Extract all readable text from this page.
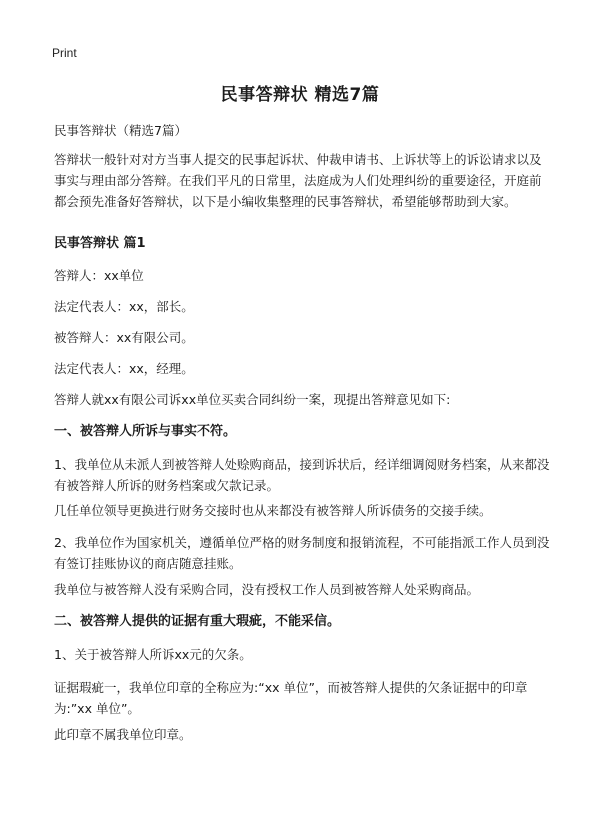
Print
民事答辩状 精选7篇
民事答辩状（精选7篇）
答辩状一般针对对方当事人提交的民事起诉状、仲裁申请书、上诉状等上的诉讼请求以及事实与理由部分答辩。在我们平凡的日常里，法庭成为人们处理纠纷的重要途径，开庭前都会预先准备好答辩状，以下是小编收集整理的民事答辩状，希望能够帮助到大家。
民事答辩状 篇1
答辩人：xx单位
法定代表人：xx，部长。
被答辩人：xx有限公司。
法定代表人：xx，经理。
答辩人就xx有限公司诉xx单位买卖合同纠纷一案，现提出答辩意见如下:
一、被答辩人所诉与事实不符。
1、我单位从未派人到被答辩人处赊购商品，接到诉状后，经详细调阅财务档案，从来都没有被答辩人所诉的财务档案或欠款记录。
几任单位领导更换进行财务交接时也从来都没有被答辩人所诉债务的交接手续。
2、我单位作为国家机关，遵循单位严格的财务制度和报销流程，不可能指派工作人员到没有签订挂账协议的商店随意挂账。
我单位与被答辩人没有采购合同，没有授权工作人员到被答辩人处采购商品。
二、被答辩人提供的证据有重大瑕疵，不能采信。
1、关于被答辩人所诉xx元的欠条。
证据瑕疵一，我单位印章的全称应为:“xx 单位”，而被答辩人提供的欠条证据中的印章为:”xx 单位”。
此印章不属我单位印章。
